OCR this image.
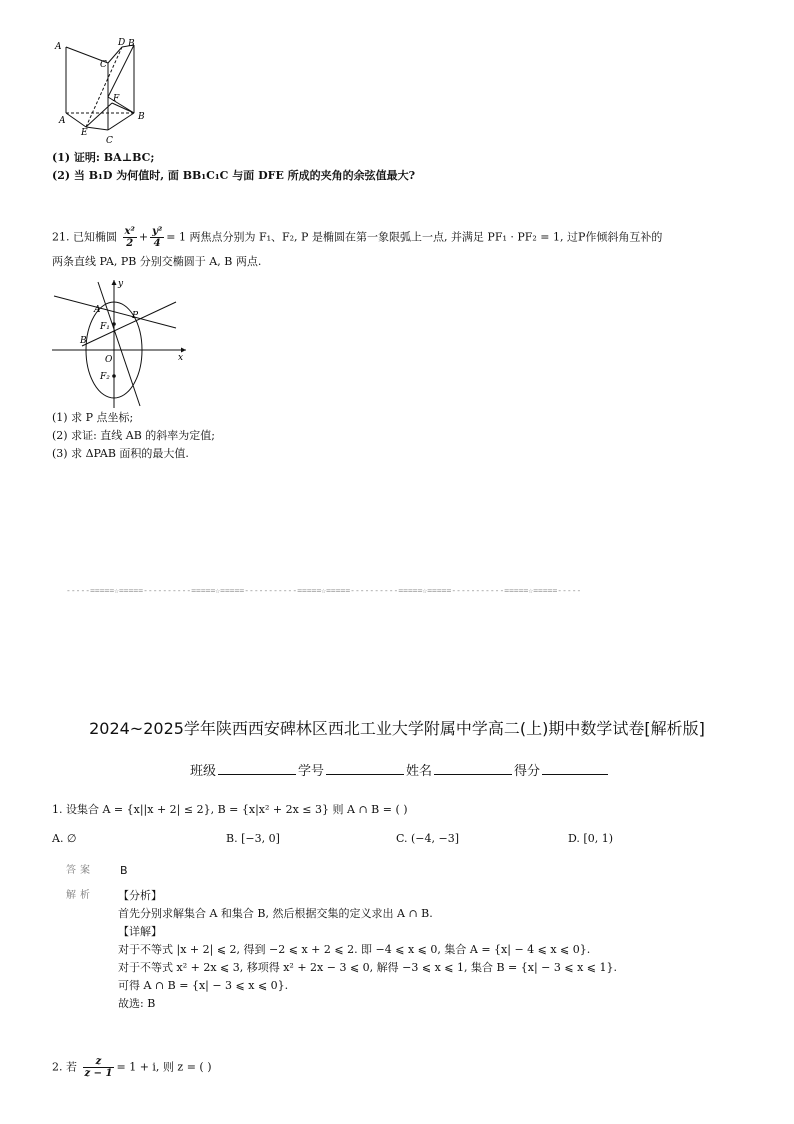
A	D B
C
F
A
E
B
C
(1) 证明: BA⊥BC;
(2) 当 B₁D 为何值时, 面 BB₁C₁C 与面 DFE 所成的夹角的余弦值最大?
21. 已知椭圆 $\frac{\text{x²}}{2} + \frac{\text{y²}}{4} = 1$ 两焦点分别为 F₁、F₂, P 是椭圆在第一象限弧上一点, 并满足 PF₁ · PF₂ = 1, 过P作倾斜角互补的
两条直线 PA, PB 分别交椭圆于 A, B 两点.
y
x
A
F₁
P
B
O
F₂
(1) 求 P 点坐标;
(2) 求证: 直线 AB 的斜率为定值;
(3) 求 ΔPAB 面积的最大值.
-----=====☆=====----------=====☆=====-----------=====☆=====----------=====☆=====-----------=====☆=====-----
2024~2025学年陕西西安碑林区西北工业大学附属中学高二(上)期中数学试卷[解析版]
班级	学号	姓名	得分
1. 设集合 A = {x||x + 2| ≤ 2}, B = {x|x² + 2x ≤ 3} 则 A ∩ B = ( )
A. ∅	B. [−3, 0]	C. (−4, −3]	D. [0, 1)
答案 B
解析 【分析】
首先分别求解集合 A 和集合 B, 然后根据交集的定义求出 A ∩ B.
【详解】
对于不等式 |x + 2| ⩽ 2, 得到 −2 ⩽ x + 2 ⩽ 2. 即 −4 ⩽ x ⩽ 0, 集合 A = {x| − 4 ⩽ x ⩽ 0}.
对于不等式 x² + 2x ⩽ 3, 移项得 x² + 2x − 3 ⩽ 0, 解得 −3 ⩽ x ⩽ 1, 集合 B = {x| − 3 ⩽ x ⩽ 1}.
可得 A ∩ B = {x| − 3 ⩽ x ⩽ 0}.
故选: B
2. 若 $\frac{z}{z - 1} = 1 + i$, 则 z = ( )
